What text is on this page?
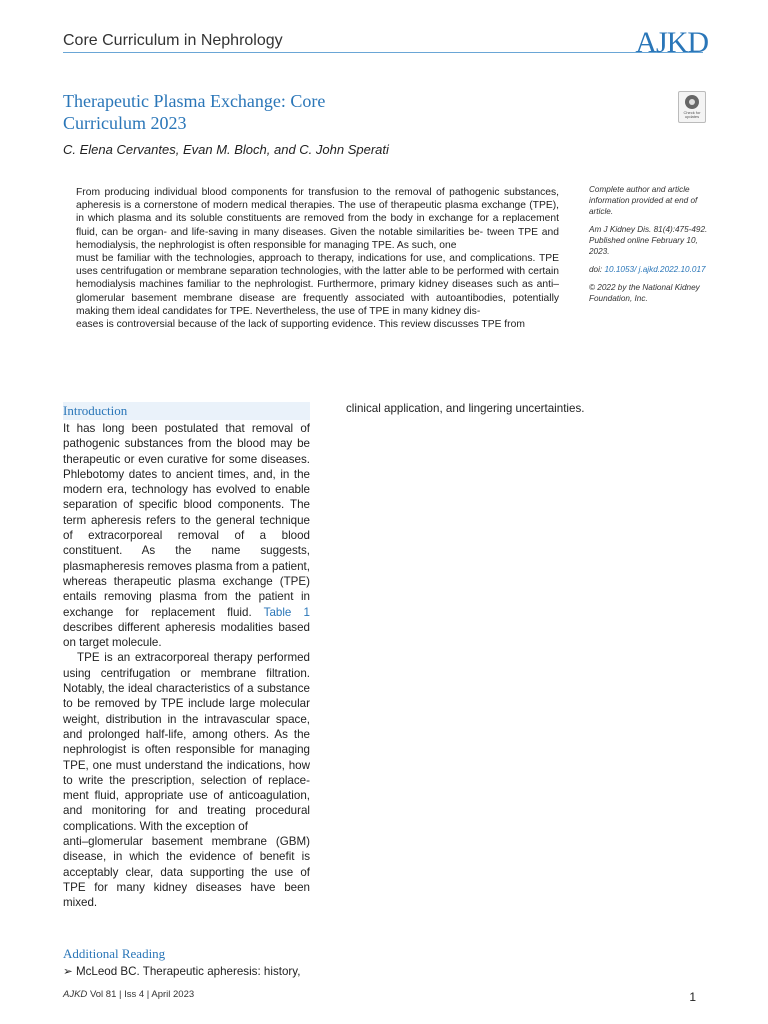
Core Curriculum in Nephrology	AJKD
Therapeutic Plasma Exchange: Core Curriculum 2023
Check for updates
C. Elena Cervantes, Evan M. Bloch, and C. John Sperati

From producing individual blood components for transfusion to the removal of pathogenic substances, apheresis is a cornerstone of modern medical therapies. The use of therapeutic plasma exchange (TPE), in which plasma and its soluble constituents are removed from the body in exchange for a replacement fluid, can be organ- and life-saving in many diseases. Given the notable similarities be- tween TPE and hemodialysis, the nephrologist is often responsible for managing TPE. As such, one

must be familiar with the technologies, approach to therapy, indications for use, and complications. TPE uses centrifugation or membrane separation technologies, with the latter able to be performed with certain hemodialysis machines familiar to the nephrologist. Furthermore, primary kidney diseases such as anti–glomerular basement membrane disease are frequently associated with autoantibodies, potentially making them ideal candidates for TPE. Nevertheless, the use of TPE in many kidney dis-

eases is controversial because of the lack of supporting evidence. This review discusses TPE from

Complete author and article information provided at end of article.

Am J Kidney Dis. 81(4):475-492. Published online February 10, 2023.

doi: 10.1053/ j.ajkd.2022.10.017

© 2022 by the National Kidney Foundation, Inc.

Introduction

It has long been postulated that removal of pathogenic substances from the blood may be therapeutic or even curative for some diseases. Phlebotomy dates to ancient times, and, in the modern era, technology has evolved to enable separation of specific blood components. The term apheresis refers to the general technique of extracorporeal removal of a blood constituent. As the name suggests, plasmapheresis removes plasma from a patient, whereas therapeutic plasma exchange (TPE) entails removing plasma from the patient in exchange for replacement fluid. Table 1 describes different apheresis modalities based on target molecule.

TPE is an extracorporeal therapy performed using centrifugation or membrane filtration. Notably, the ideal characteristics of a substance to be removed by TPE include large molecular weight, distribution in the intravascular space, and prolonged half-life, among others. As the nephrologist is often responsible for managing TPE, one must understand the indications, how to write the prescription, selection of replace- ment fluid, appropriate use of anticoagulation, and monitoring for and treating procedural complications. With the exception of

anti–glomerular basement membrane (GBM) disease, in which the evidence of benefit is acceptably clear, data supporting the use of TPE for many kidney diseases have been mixed.

clinical application, and lingering uncertainties.
Additional Reading
➢ McLeod BC. Therapeutic apheresis: history,
AJKD Vol 81 | Iss 4 | April 2023	1
